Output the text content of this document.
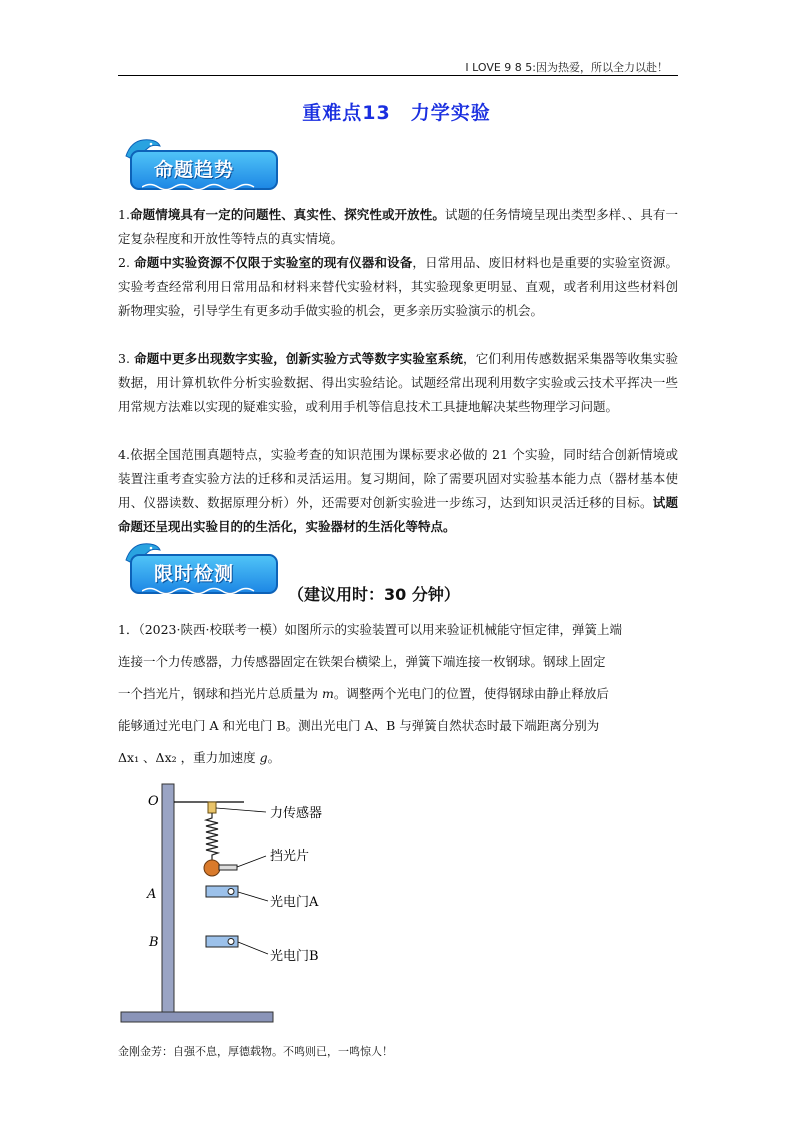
I LOVE 9 8 5:因为热爱，所以全力以赴！
重难点13　力学实验
命题趋势
1.命题情境具有一定的问题性、真实性、探究性或开放性。试题的任务情境呈现出类型多样、、具有一定复杂程度和开放性等特点的真实情境。
2. 命题中实验资源不仅限于实验室的现有仪器和设备，日常用品、废旧材料也是重要的实验室资源。实验考查经常利用日常用品和材料来替代实验材料，其实验现象更明显、直观，或者利用这些材料创新物理实验，引导学生有更多动手做实验的机会，更多亲历实验演示的机会。
3. 命题中更多出现数字实验，创新实验方式等数字实验室系统，它们利用传感数据采集器等收集实验数据，用计算机软件分析实验数据、得出实验结论。试题经常出现利用数字实验或云技术平挥决一些用常规方法难以实现的疑难实验，或利用手机等信息技术工具捷地解决某些物理学习问题。
4.依据全国范围真题特点，实验考查的知识范围为课标要求必做的 21 个实验，同时结合创新情境或装置注重考查实验方法的迁移和灵活运用。复习期间，除了需要巩固对实验基本能力点（器材基本使用、仪器读数、数据原理分析）外，还需要对创新实验进一步练习，达到知识灵活迁移的目标。试题命题还呈现出实验目的的生活化，实验器材的生活化等特点。
限时检测
（建议用时：30 分钟）
1．（2023·陕西·校联考一模）如图所示的实验装置可以用来验证机械能守恒定律，弹簧上端
连接一个力传感器，力传感器固定在铁架台横梁上，弹簧下端连接一枚钢球。钢球上固定
一个挡光片，钢球和挡光片总质量为 m。调整两个光电门的位置，使得钢球由静止释放后
能够通过光电门 A 和光电门 B。测出光电门 A、B 与弹簧自然状态时最下端距离分别为
Δx₁ 、Δx₂ ，重力加速度 g。
O
A
B
力传感器
挡光片
光电门A
光电门B
金刚金芳：自强不息，厚德载物。不鸣则已，一鸣惊人！
